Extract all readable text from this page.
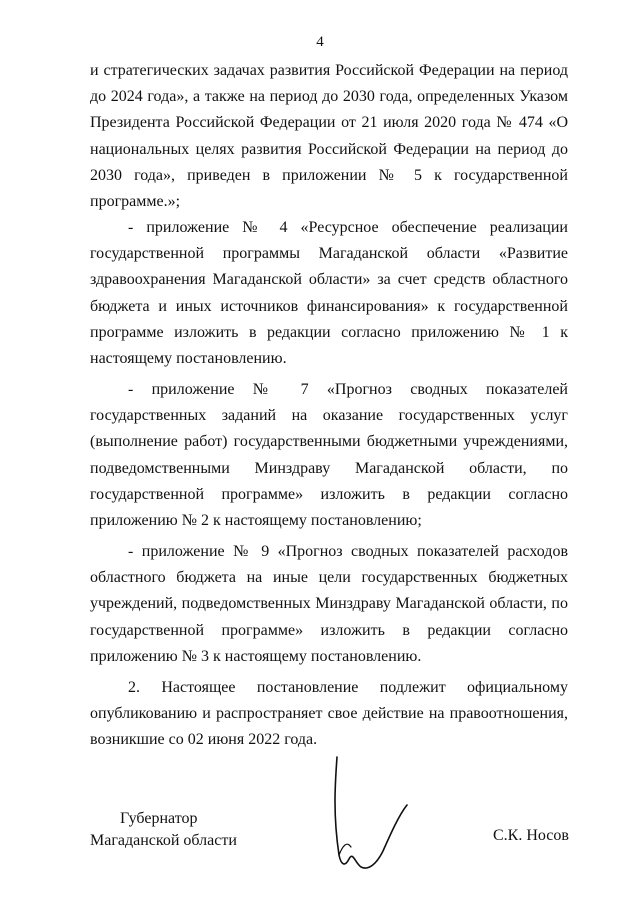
4
и стратегических задачах развития Российской Федерации на период до 2024 года», а также на период до 2030 года, определенных Указом Президента Российской Федерации от 21 июля 2020 года № 474 «О национальных целях развития Российской Федерации на период до 2030 года», приведен в приложении № 5 к государственной программе.»;
- приложение № 4 «Ресурсное обеспечение реализации государственной программы Магаданской области «Развитие здравоохранения Магаданской области» за счет средств областного бюджета и иных источников финансирования» к государственной программе изложить в редакции согласно приложению № 1 к настоящему постановлению.
- приложение № 7 «Прогноз сводных показателей государственных заданий на оказание государственных услуг (выполнение работ) государственными бюджетными учреждениями, подведомственными Минздраву Магаданской области, по государственной программе» изложить в редакции согласно приложению № 2 к настоящему постановлению;
- приложение № 9 «Прогноз сводных показателей расходов областного бюджета на иные цели государственных бюджетных учреждений, подведомственных Минздраву Магаданской области, по государственной программе» изложить в редакции согласно приложению № 3 к настоящему постановлению.
2. Настоящее постановление подлежит официальному опубликованию и распространяет свое действие на правоотношения, возникшие со 02 июня 2022 года.
Губернатор
Магаданской области	С.К. Носов
